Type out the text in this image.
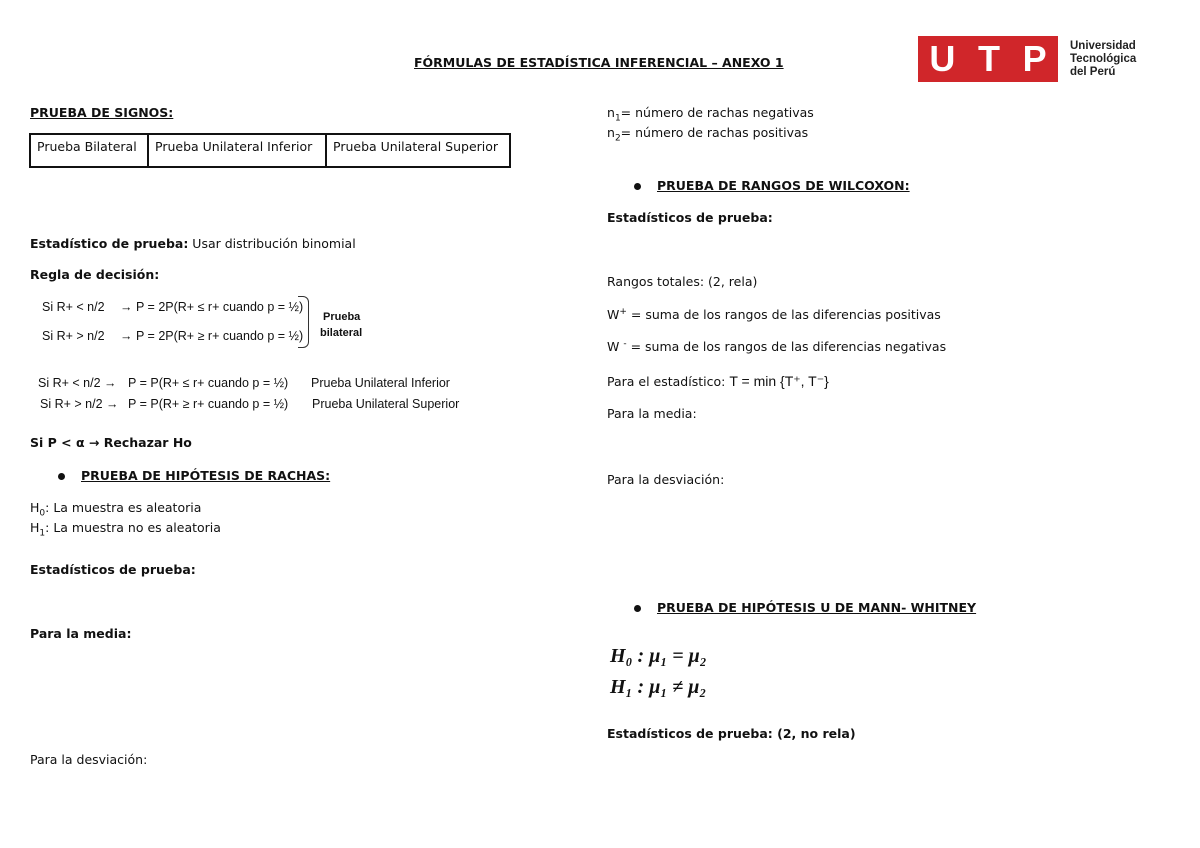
FÓRMULAS DE ESTADÍSTICA INFERENCIAL – ANEXO 1	U T P Universidad
Tecnológica
del Perú
PRUEBA DE SIGNOS:
Prueba Bilateral	Prueba Unilateral Inferior	Prueba Unilateral Superior
Estadístico de prueba: Usar distribución binomial
Regla de decisión:
Si R+ < n/2 → P = 2P(R+ ≤ r+ cuando p = ½)
Si R+ > n/2 → P = 2P(R+ ≥ r+ cuando p = ½)
Prueba
bilateral
Si R+ < n/2 → P = P(R+ ≤ r+ cuando p = ½) Prueba Unilateral Inferior
Si R+ > n/2 → P = P(R+ ≥ r+ cuando p = ½) Prueba Unilateral Superior
Si P < α → Rechazar Ho
PRUEBA DE HIPÓTESIS DE RACHAS:
$H_0$: La muestra es aleatoria
$H_1$: La muestra no es aleatoria
Estadísticos de prueba:
Para la media:
Para la desviación:
$n_1=$ número de rachas negativas
$n_2=$ número de rachas positivas
PRUEBA DE RANGOS DE WILCOXON:
Estadísticos de prueba:
Rangos totales: (2, rela)
W+ = suma de los rangos de las diferencias positivas
W - = suma de los rangos de las diferencias negativas
Para el estadístico: T = min {T⁺, T⁻}
Para la media:
Para la desviación:
PRUEBA DE HIPÓTESIS U DE MANN- WHITNEY
H₀ : μ₁ = μ₂
H₁ : μ₁ ≠ μ₂
Estadísticos de prueba: (2, no rela)
